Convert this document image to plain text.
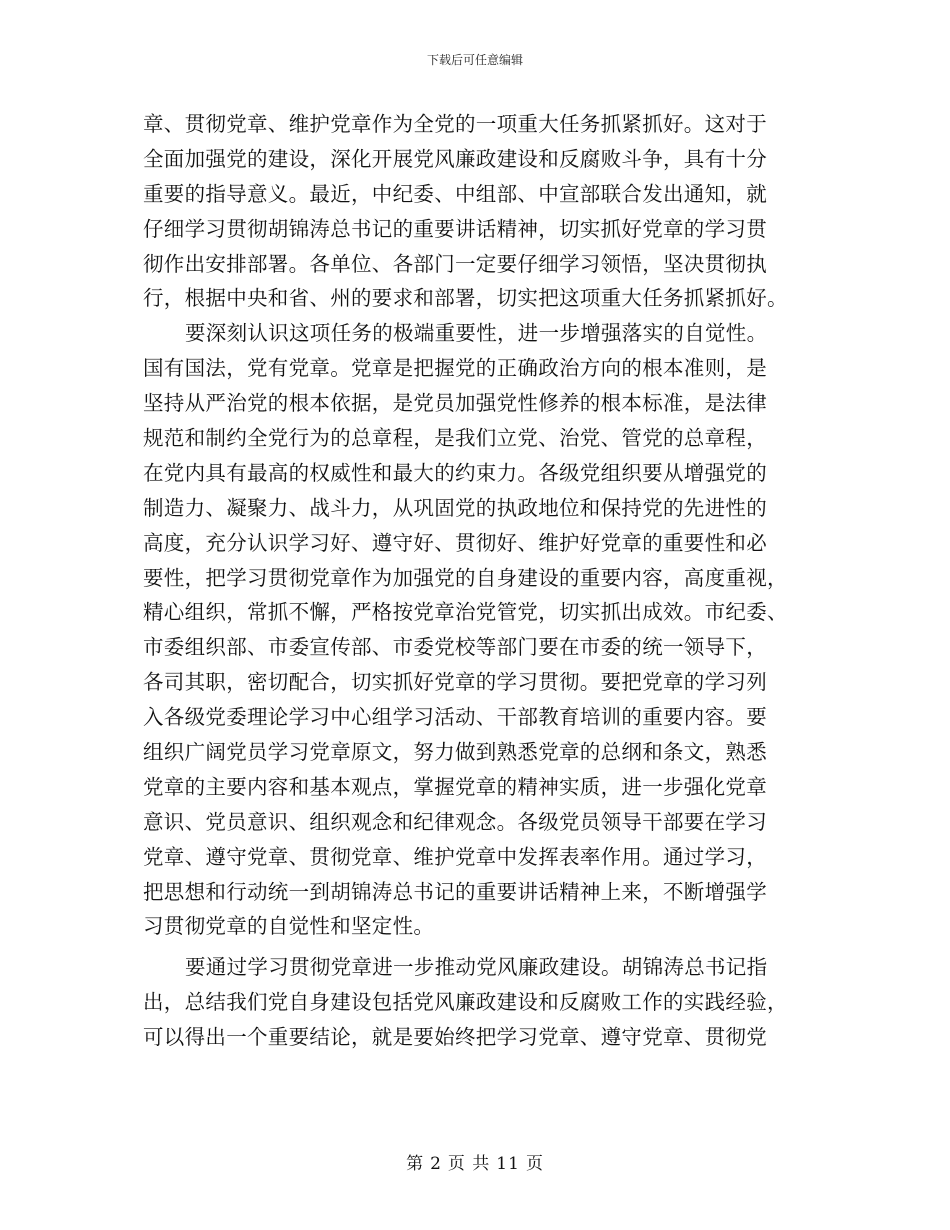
下载后可任意编辑
章、贯彻党章、维护党章作为全党的一项重大任务抓紧抓好。这对于
全面加强党的建设，深化开展党风廉政建设和反腐败斗争，具有十分
重要的指导意义。最近，中纪委、中组部、中宣部联合发出通知，就
仔细学习贯彻胡锦涛总书记的重要讲话精神，切实抓好党章的学习贯
彻作出安排部署。各单位、各部门一定要仔细学习领悟，坚决贯彻执
行，根据中央和省、州的要求和部署，切实把这项重大任务抓紧抓好。
要深刻认识这项任务的极端重要性，进一步增强落实的自觉性。
国有国法，党有党章。党章是把握党的正确政治方向的根本准则，是
坚持从严治党的根本依据，是党员加强党性修养的根本标准，是法律
规范和制约全党行为的总章程，是我们立党、治党、管党的总章程，
在党内具有最高的权威性和最大的约束力。各级党组织要从增强党的
制造力、凝聚力、战斗力，从巩固党的执政地位和保持党的先进性的
高度，充分认识学习好、遵守好、贯彻好、维护好党章的重要性和必
要性，把学习贯彻党章作为加强党的自身建设的重要内容，高度重视，
精心组织，常抓不懈，严格按党章治党管党，切实抓出成效。市纪委、
市委组织部、市委宣传部、市委党校等部门要在市委的统一领导下，
各司其职，密切配合，切实抓好党章的学习贯彻。要把党章的学习列
入各级党委理论学习中心组学习活动、干部教育培训的重要内容。要
组织广阔党员学习党章原文，努力做到熟悉党章的总纲和条文，熟悉
党章的主要内容和基本观点，掌握党章的精神实质，进一步强化党章
意识、党员意识、组织观念和纪律观念。各级党员领导干部要在学习
党章、遵守党章、贯彻党章、维护党章中发挥表率作用。通过学习，
把思想和行动统一到胡锦涛总书记的重要讲话精神上来，不断增强学
习贯彻党章的自觉性和坚定性。
要通过学习贯彻党章进一步推动党风廉政建设。胡锦涛总书记指
出，总结我们党自身建设包括党风廉政建设和反腐败工作的实践经验，
可以得出一个重要结论，就是要始终把学习党章、遵守党章、贯彻党
第 2 页 共 11 页
